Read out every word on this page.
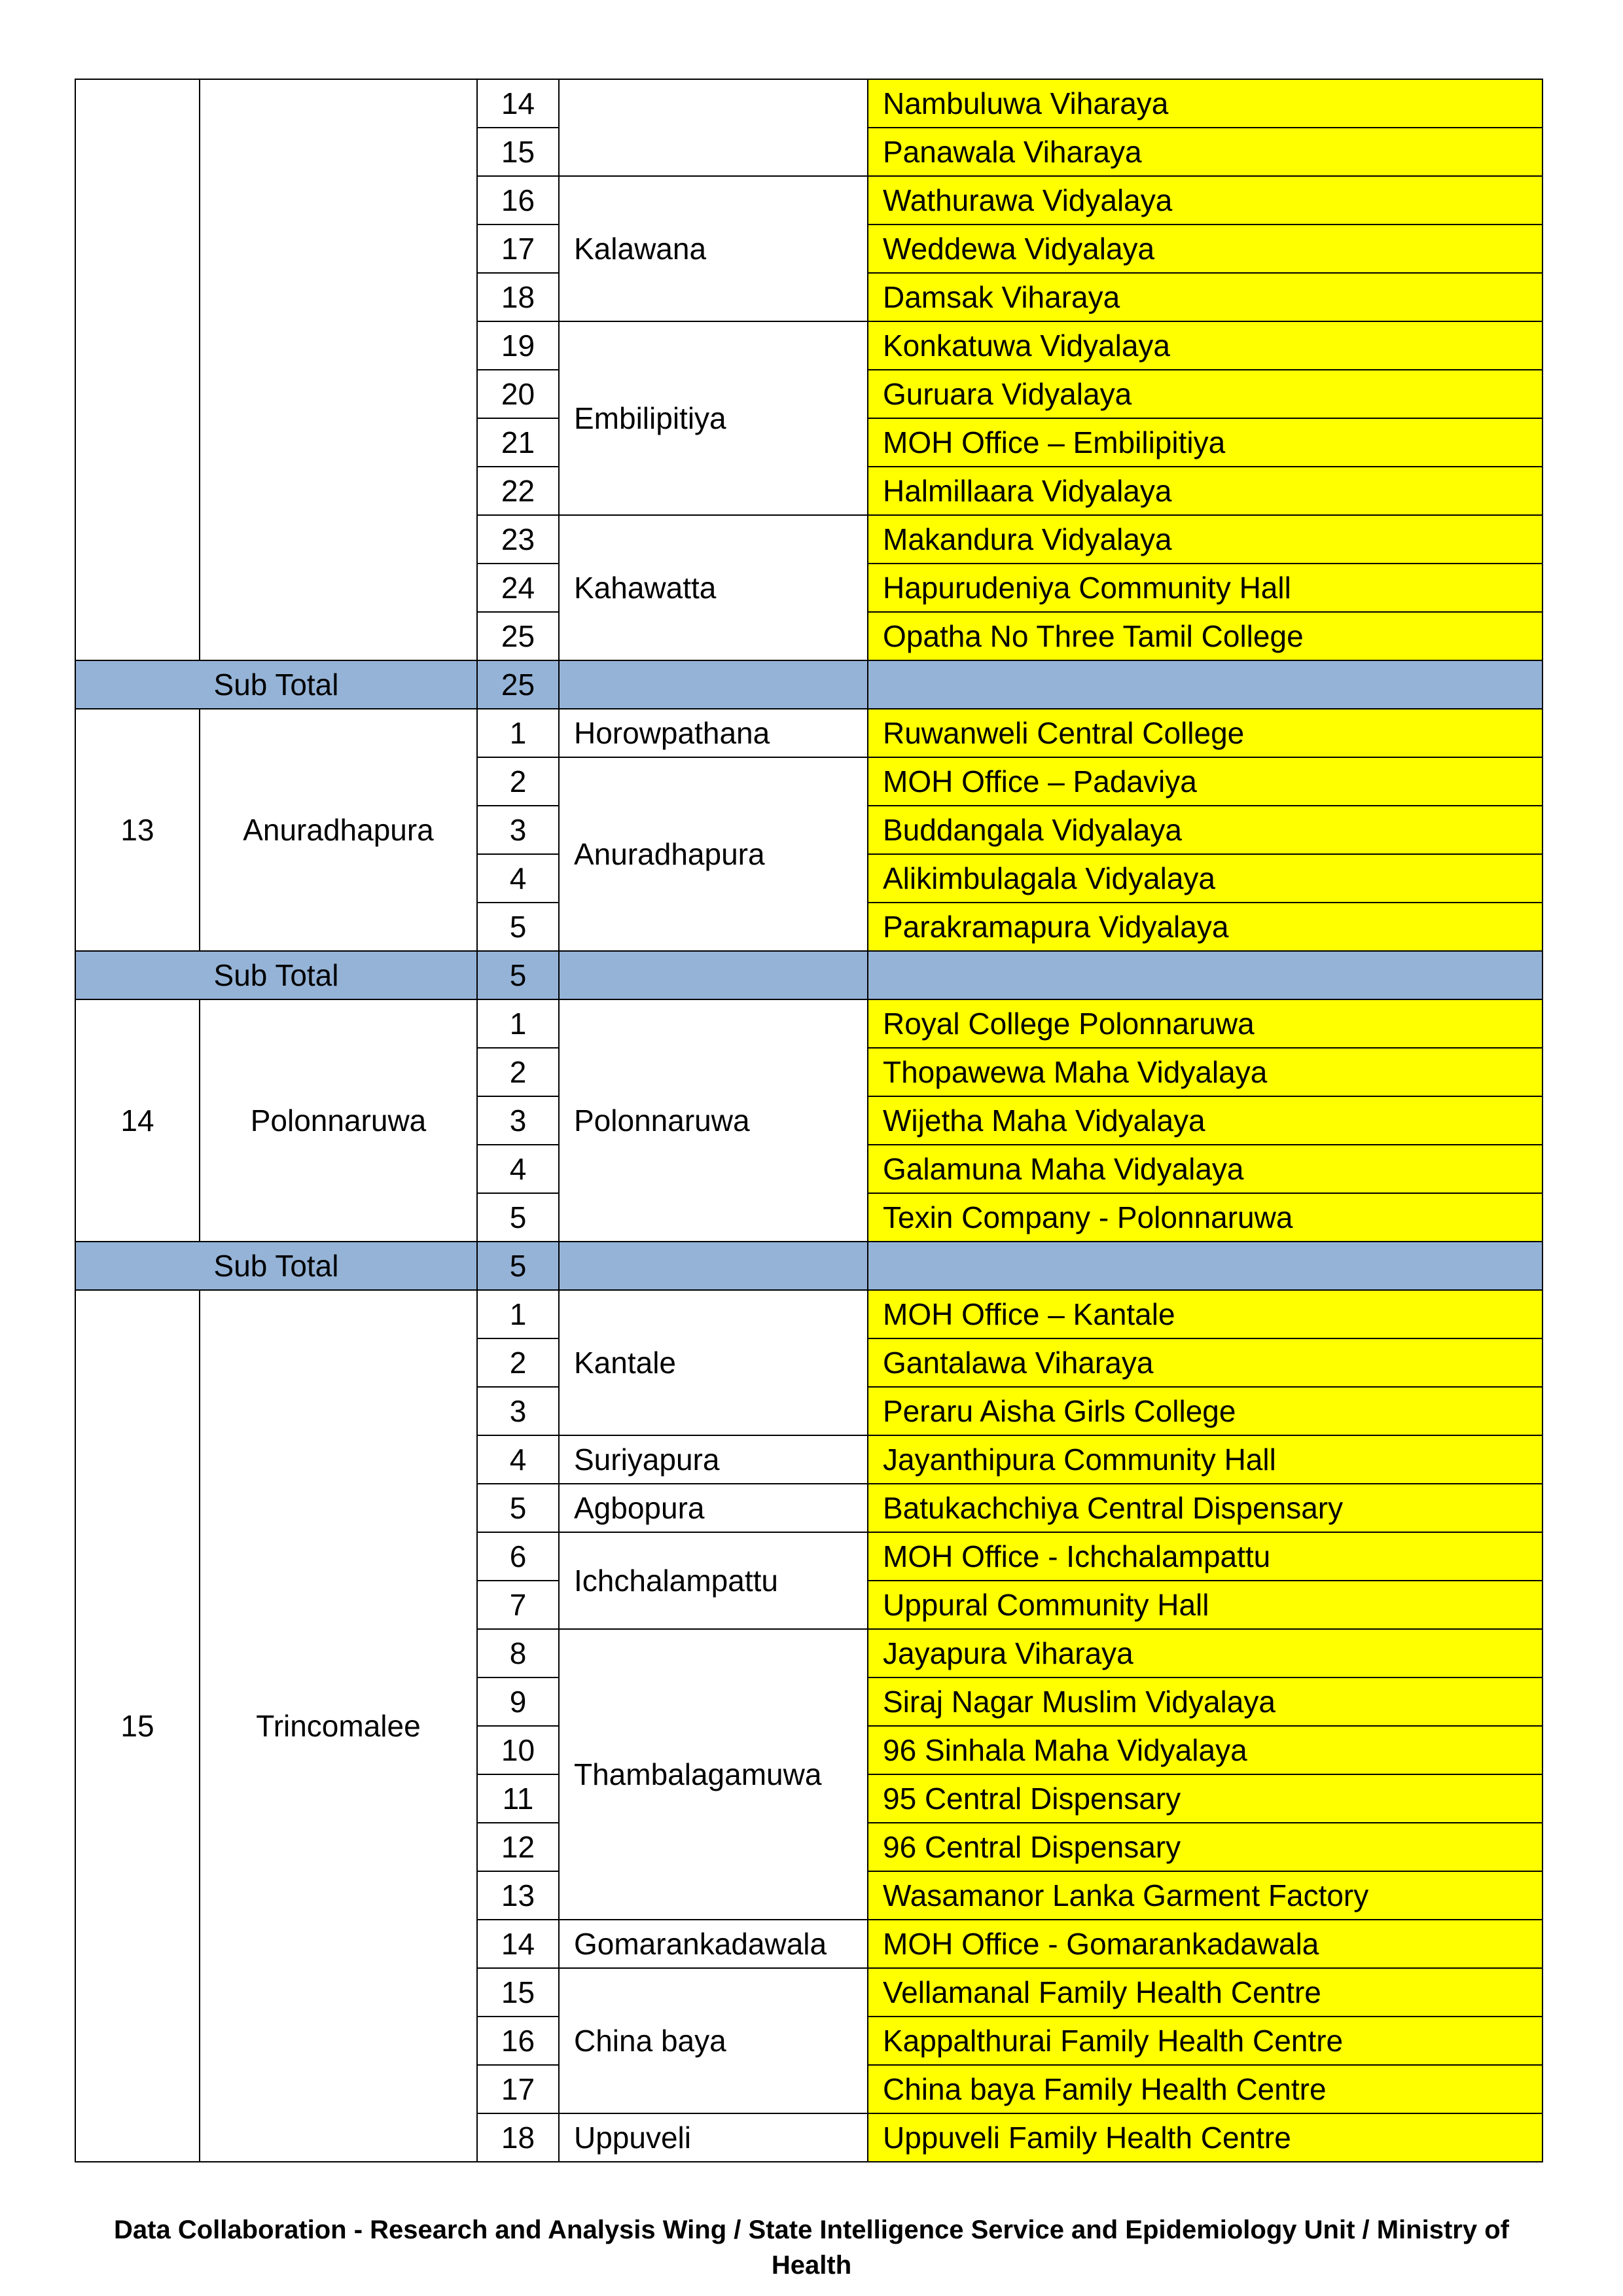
		14		Nambuluwa Viharaya
		15		Panawala Viharaya
		16	Kalawana	Wathurawa Vidyalaya
		17		Weddewa Vidyalaya
		18		Damsak Viharaya
		19	Embilipitiya	Konkatuwa Vidyalaya
		20		Guruara Vidyalaya
		21		MOH Office – Embilipitiya
		22		Halmillaara Vidyalaya
		23	Kahawatta	Makandura Vidyalaya
		24		Hapurudeniya Community Hall
		25		Opatha No Three Tamil College
Sub Total		25		
13	Anuradhapura	1	Horowpathana	Ruwanweli Central College
		2	Anuradhapura	MOH Office – Padaviya
		3		Buddangala Vidyalaya
		4		Alikimbulagala Vidyalaya
		5		Parakramapura Vidyalaya
Sub Total		5		
14	Polonnaruwa	1	Polonnaruwa	Royal College Polonnaruwa
		2		Thopawewa Maha Vidyalaya
		3		Wijetha Maha Vidyalaya
		4		Galamuna Maha Vidyalaya
		5		Texin Company - Polonnaruwa
Sub Total		5		
15	Trincomalee	1	Kantale	MOH Office – Kantale
		2		Gantalawa Viharaya
		3		Peraru Aisha Girls College
		4	Suriyapura	Jayanthipura Community Hall
		5	Agbopura	Batukachchiya Central Dispensary
		6	Ichchalampattu	MOH Office - Ichchalampattu
		7		Uppural Community Hall
		8	Thambalagamuwa	Jayapura Viharaya
		9		Siraj Nagar Muslim Vidyalaya
		10		96 Sinhala Maha Vidyalaya
		11		95 Central Dispensary
		12		96 Central Dispensary
		13		Wasamanor Lanka Garment Factory
		14	Gomarankadawala	MOH Office - Gomarankadawala
		15	China baya	Vellamanal Family Health Centre
		16		Kappalthurai Family Health Centre
		17		China baya Family Health Centre
		18	Uppuveli	Uppuveli Family Health Centre
Data Collaboration - Research and Analysis Wing / State Intelligence Service and Epidemiology Unit / Ministry of
Health
